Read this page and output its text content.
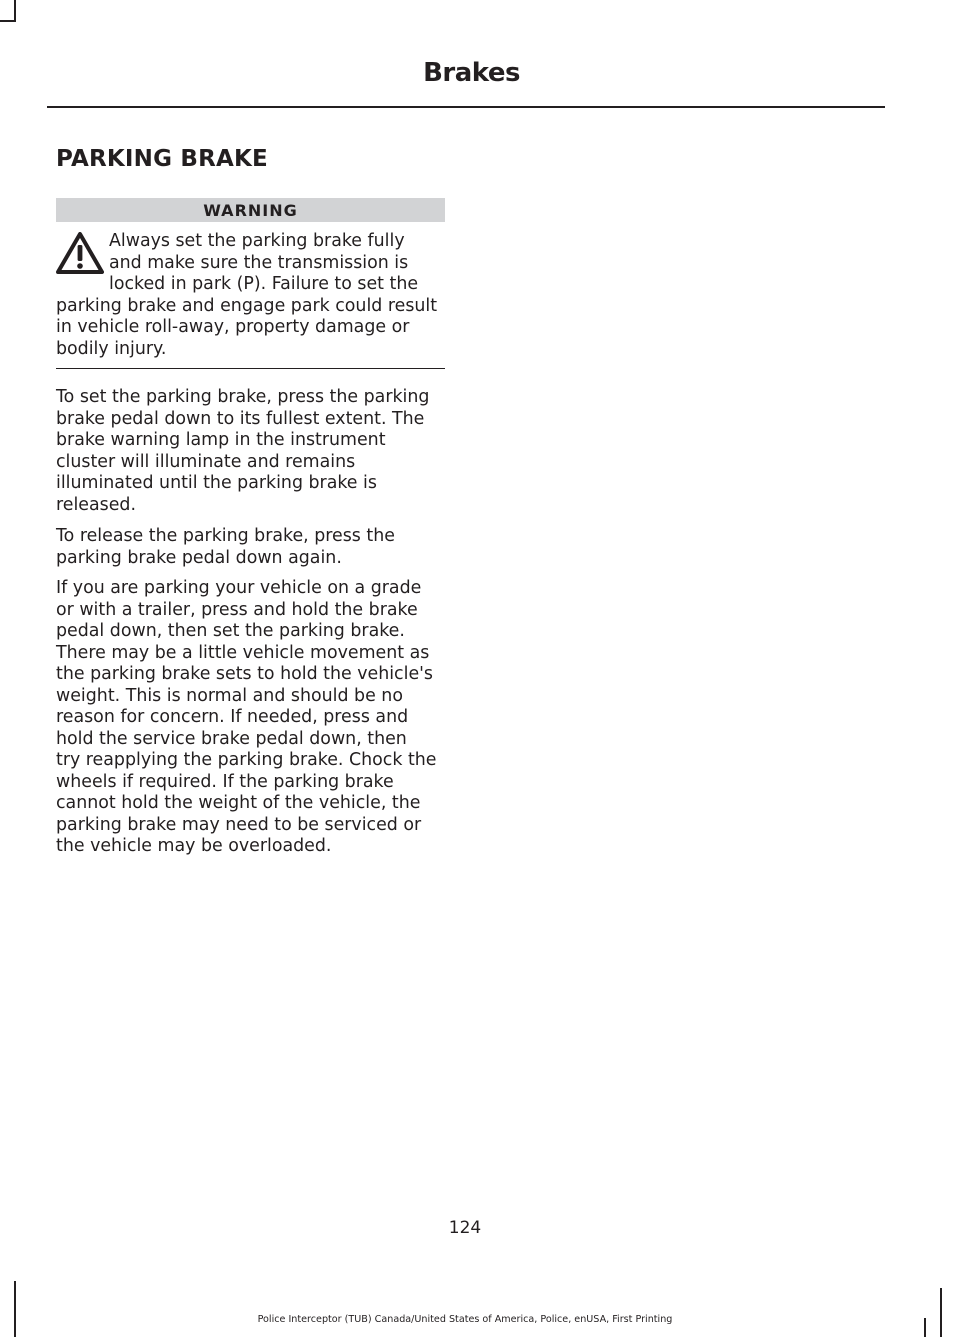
Brakes
PARKING BRAKE
WARNING
Always set the parking brake fully
and make sure the transmission is
locked in park (P). Failure to set the
parking brake and engage park could result
in vehicle roll-away, property damage or
bodily injury.
To set the parking brake, press the parking
brake pedal down to its fullest extent. The
brake warning lamp in the instrument
cluster will illuminate and remains
illuminated until the parking brake is
released.
To release the parking brake, press the
parking brake pedal down again.
If you are parking your vehicle on a grade
or with a trailer, press and hold the brake
pedal down, then set the parking brake.
There may be a little vehicle movement as
the parking brake sets to hold the vehicle's
weight. This is normal and should be no
reason for concern. If needed, press and
hold the service brake pedal down, then
try reapplying the parking brake. Chock the
wheels if required. If the parking brake
cannot hold the weight of the vehicle, the
parking brake may need to be serviced or
the vehicle may be overloaded.
124
Police Interceptor (TUB) Canada/United States of America, Police, enUSA, First Printing
